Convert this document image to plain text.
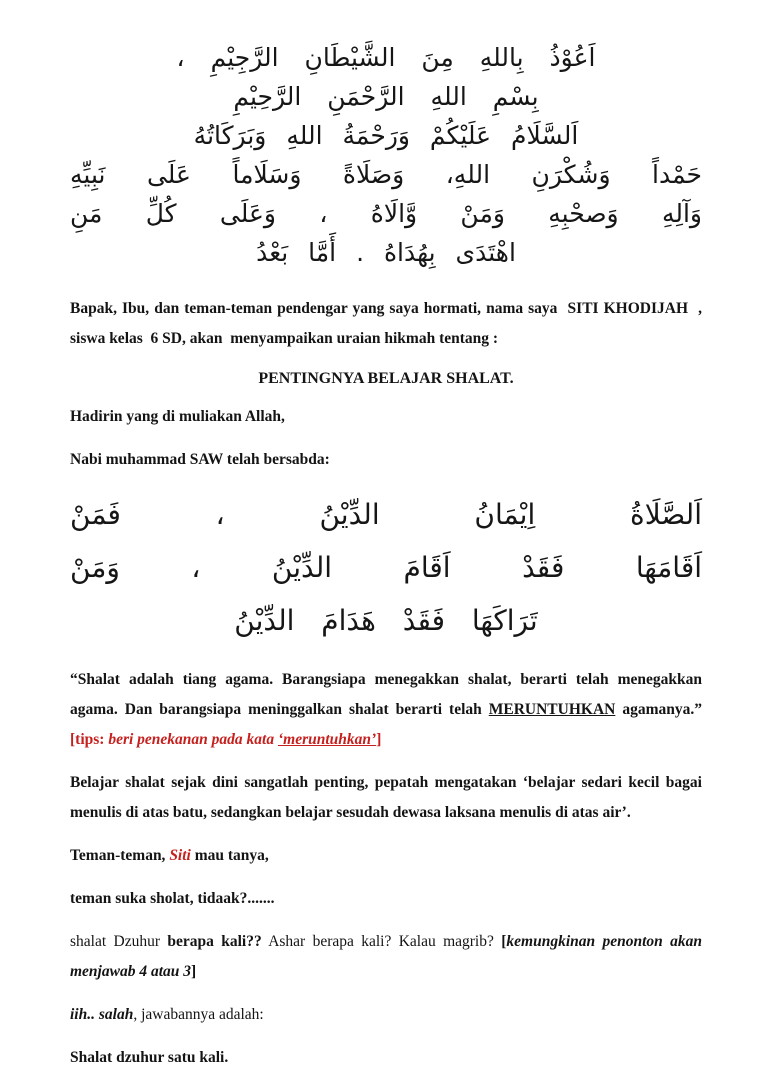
اَعُوْذُ بِاللهِ مِنَ الشَّيْطَانِ الرَّجِيْمِ ،
بِسْمِ اللهِ الرَّحْمَنِ الرَّحِيْمِ
اَلسَّلَامُ عَلَيْكُمْ وَرَحْمَةُ اللهِ وَبَرَكَاتُهُ
حَمْداً وَشُكْرَنِ اللهِ، وَصَلَاةً وَسَلَاماً عَلَى نَبِيِّهِ
وَآلِهِ وَصحْبِهِ وَمَنْ وَّالَاهُ ، وَعَلَى كُلِّ مَنِ
اهْتَدَى بِهُدَاهُ . أَمَّا بَعْدُ

Bapak, Ibu, dan teman-teman pendengar yang saya hormati, nama saya  SITI KHODIJAH  , siswa kelas  6 SD, akan  menyampaikan uraian hikmah tentang :

PENTINGNYA BELAJAR SHALAT.

Hadirin yang di muliakan Allah,

Nabi muhammad SAW telah bersabda:

اَلصَّلَاةُ اِيْمَانُ الدِّيْنُ ، فَمَنْ
اَقَامَهَا فَقَدْ اَقَامَ الدِّيْنُ ، وَمَنْ
تَرَاكَهَا فَقَدْ هَدَامَ الدِّيْنُ

“Shalat adalah tiang agama. Barangsiapa menegakkan shalat, berarti telah menegakkan agama. Dan barangsiapa meninggalkan shalat berarti telah MERUNTUHKAN agamanya.” [tips: beri penekanan pada kata ‘meruntuhkan’]

Belajar shalat sejak dini sangatlah penting, pepatah mengatakan ‘belajar sedari kecil bagai menulis di atas batu, sedangkan belajar sesudah dewasa laksana menulis di atas air’.

Teman-teman, Siti mau tanya,

teman suka sholat, tidaak?.......

shalat Dzuhur berapa kali?? Ashar berapa kali? Kalau magrib? [kemungkinan penonton akan menjawab 4 atau 3]

iih.. salah, jawabannya adalah:

Shalat dzuhur satu kali.
